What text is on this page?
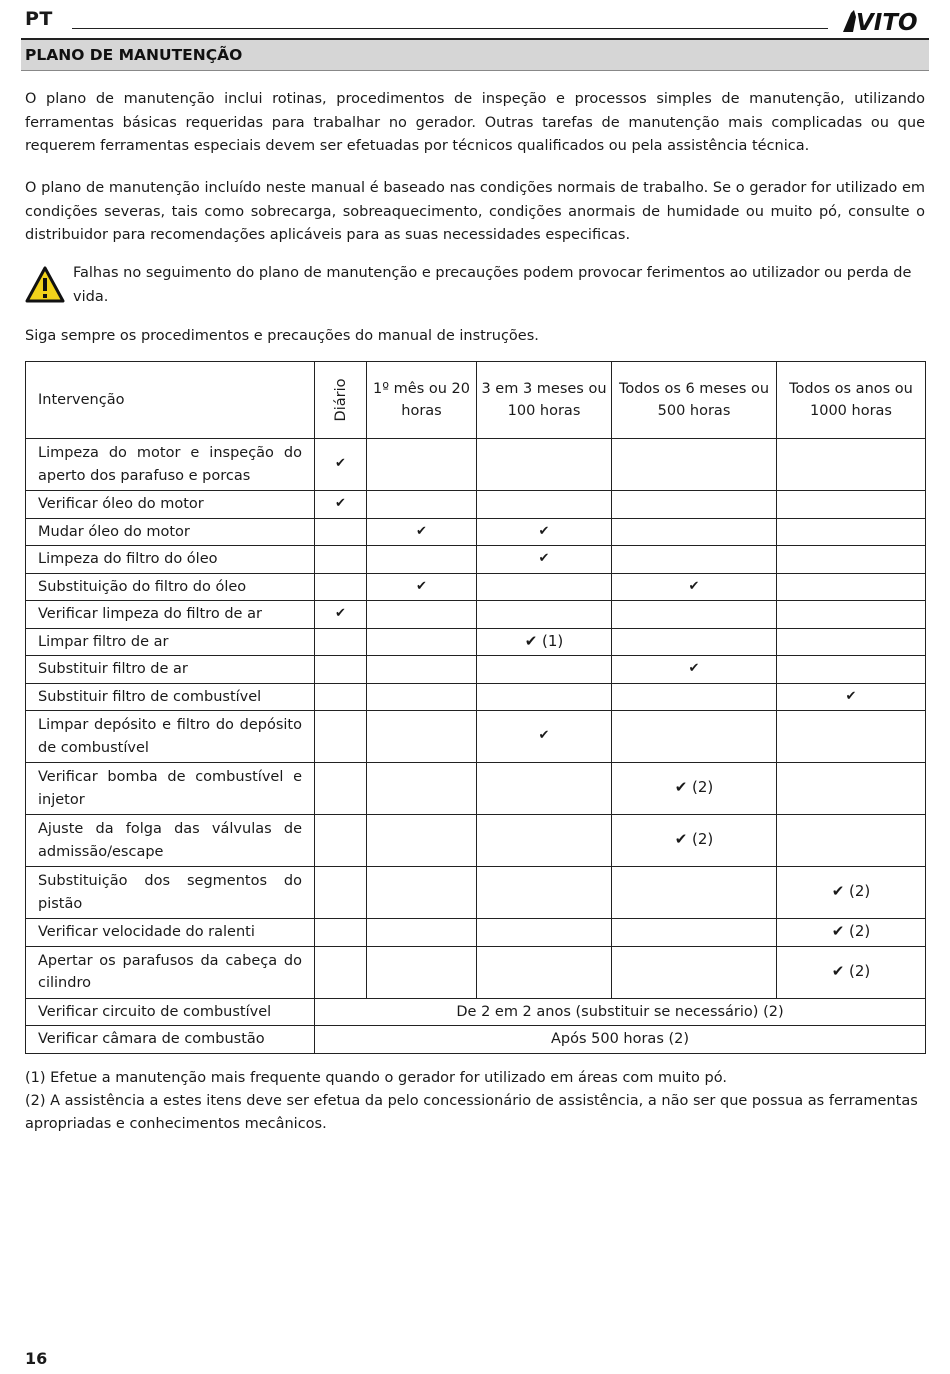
PT	VITO
PLANO DE MANUTENÇÃO

O plano de manutenção inclui rotinas, procedimentos de inspeção e processos simples de manutenção, utilizando ferramentas básicas requeridas para trabalhar no gerador. Outras tarefas de manutenção mais complicadas ou que requerem ferramentas especiais devem ser efetuadas por técnicos qualificados ou pela assistência técnica.

O plano de manutenção incluído neste manual é baseado nas condições normais de trabalho. Se o gerador for utilizado em condições severas, tais como sobrecarga, sobreaquecimento, condições anormais de humidade ou muito pó, consulte o distribuidor para recomendações aplicáveis para as suas necessidades especificas.

Falhas no seguimento do plano de manutenção e precauções podem provocar ferimentos ao utilizador ou perda de vida.

Siga sempre os procedimentos e precauções do manual de instruções.

Intervenção	Diário	1º mês ou 20 horas	3 em 3 meses ou 100 horas	Todos os 6 meses ou 500 horas	Todos os anos ou 1000 horas
Limpeza do motor e inspeção do aperto dos parafuso e porcas	✔				
Verificar óleo do motor	✔				
Mudar óleo do motor		✔	✔		
Limpeza do filtro do óleo			✔		
Substituição do filtro do óleo		✔		✔	
Verificar limpeza do filtro de ar	✔				
Limpar filtro de ar			✔ (1)		
Substituir filtro de ar				✔	
Substituir filtro de combustível					✔
Limpar depósito e filtro do depósito de combustível			✔		
Verificar bomba de combustível e injetor				✔ (2)	
Ajuste da folga das válvulas de admissão/escape				✔ (2)	
Substituição dos segmentos do pistão					✔ (2)
Verificar velocidade do ralenti					✔ (2)
Apertar os parafusos da cabeça do cilindro					✔ (2)
Verificar circuito de combustível	De 2 em 2 anos (substituir se necessário) (2)				
Verificar câmara de combustão	Após 500 horas (2)				

(1) Efetue a manutenção mais frequente quando o gerador for utilizado em áreas com muito pó.

(2) A assistência a estes itens deve ser efetua da pelo concessionário de assistência, a não ser que possua as ferramentas apropriadas e conhecimentos mecânicos.

16
